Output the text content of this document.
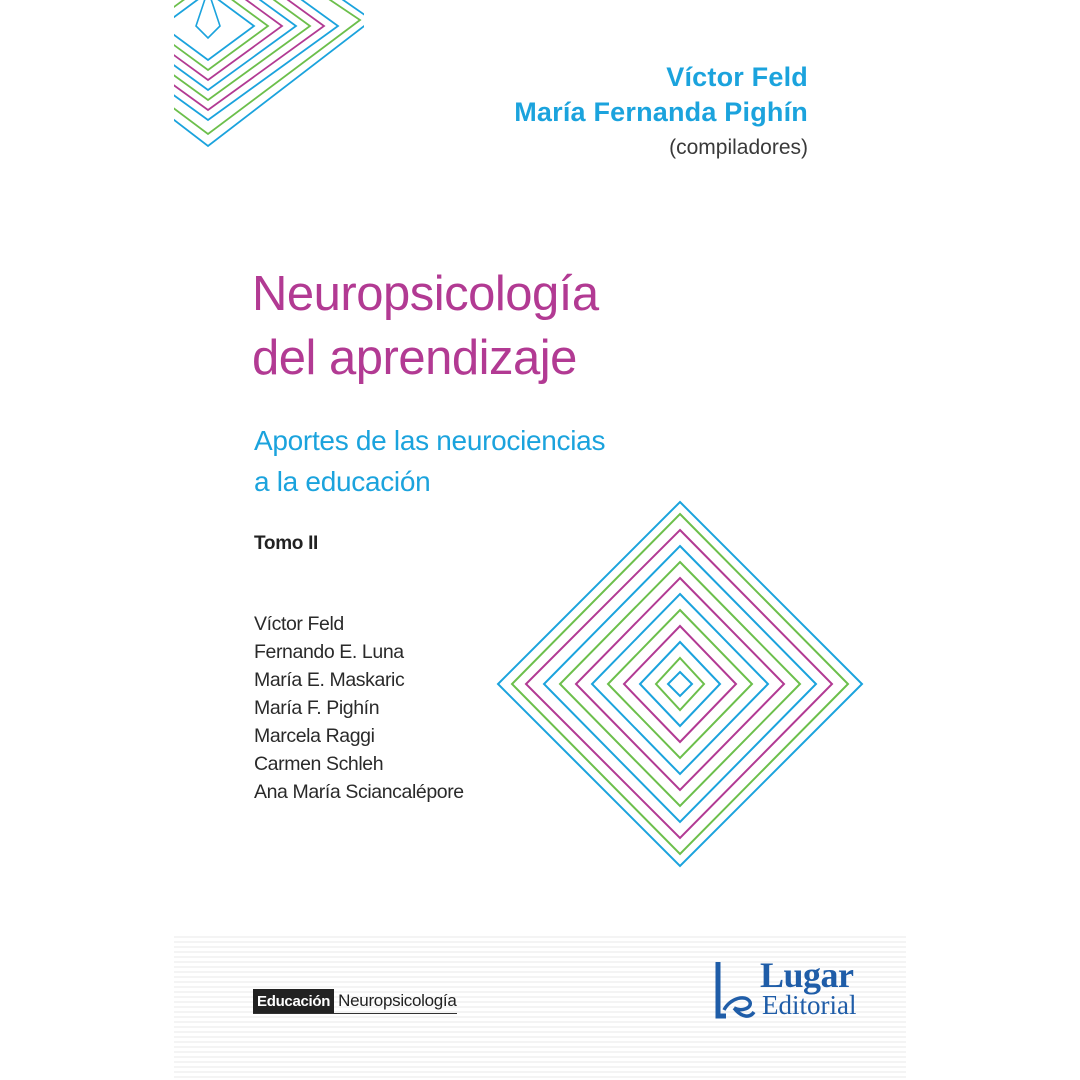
Víctor Feld
María Fernanda Pighín
(compiladores)
Neuropsicología
del aprendizaje
Aportes de las neurociencias
a la educación
Tomo II
Víctor Feld
Fernando E. Luna
María E. Maskaric
María F. Pighín
Marcela Raggi
Carmen Schleh
Ana María Sciancalépore
Educación Neuropsicología
Lugar
Editorial
